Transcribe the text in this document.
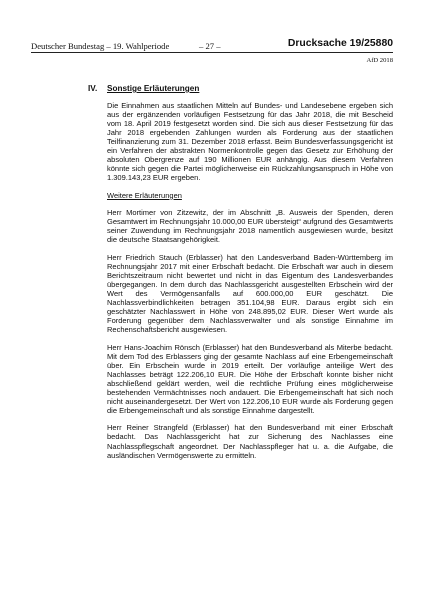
Deutscher Bundestag – 19. Wahlperiode	– 27 –	Drucksache 19/25880
AfD 2018
IV. Sonstige Erläuterungen

Die Einnahmen aus staatlichen Mitteln auf Bundes- und Landesebene ergeben sich aus der ergänzenden vorläufigen Festsetzung für das Jahr 2018, die mit Bescheid vom 18. April 2019 festgesetzt worden sind. Die sich aus dieser Festsetzung für das Jahr 2018 ergebenden Zahlungen wurden als Forderung aus der staatlichen Teilfinanzierung zum 31. Dezember 2018 erfasst. Beim Bundesverfassungsgericht ist ein Verfahren der abstrakten Normenkontrolle gegen das Gesetz zur Erhöhung der absoluten Obergrenze auf 190 Millionen EUR anhängig. Aus diesem Verfahren könnte sich gegen die Partei möglicherweise ein Rückzahlungsanspruch in Höhe von 1.309.143,23 EUR ergeben.

Weitere Erläuterungen

Herr Mortimer von Zitzewitz, der im Abschnitt „B. Ausweis der Spenden, deren Gesamtwert im Rechnungsjahr 10.000,00 EUR übersteigt“ aufgrund des Gesamtwerts seiner Zuwendung im Rechnungsjahr 2018 namentlich ausgewiesen wurde, besitzt die deutsche Staatsangehörigkeit.

Herr Friedrich Stauch (Erblasser) hat den Landesverband Baden-Württemberg im Rechnungsjahr 2017 mit einer Erbschaft bedacht. Die Erbschaft war auch in diesem Berichtszeitraum nicht bewertet und nicht in das Eigentum des Landesverbandes übergegangen. In dem durch das Nachlassgericht ausgestellten Erbschein wird der Wert des Vermögensanfalls auf 600.000,00 EUR geschätzt. Die Nachlassverbindlichkeiten betragen 351.104,98 EUR. Daraus ergibt sich ein geschätzter Nachlasswert in Höhe von 248.895,02 EUR. Dieser Wert wurde als Forderung gegenüber dem Nachlassverwalter und als sonstige Einnahme im Rechenschaftsbericht ausgewiesen.

Herr Hans-Joachim Rönsch (Erblasser) hat den Bundesverband als Miterbe bedacht. Mit dem Tod des Erblassers ging der gesamte Nachlass auf eine Erbengemeinschaft über. Ein Erbschein wurde in 2019 erteilt. Der vorläufige anteilige Wert des Nachlasses beträgt 122.206,10 EUR. Die Höhe der Erbschaft konnte bisher nicht abschließend geklärt werden, weil die rechtliche Prüfung eines möglicherweise bestehenden Vermächtnisses noch andauert. Die Erbengemeinschaft hat sich noch nicht auseinandergesetzt. Der Wert von 122.206,10 EUR wurde als Forderung gegen die Erbengemeinschaft und als sonstige Einnahme dargestellt.

Herr Reiner Strangfeld (Erblasser) hat den Bundesverband mit einer Erbschaft bedacht. Das Nachlassgericht hat zur Sicherung des Nachlasses eine Nachlasspflegschaft angeordnet. Der Nachlasspfleger hat u. a. die Aufgabe, die ausländischen Vermögenswerte zu ermitteln.
